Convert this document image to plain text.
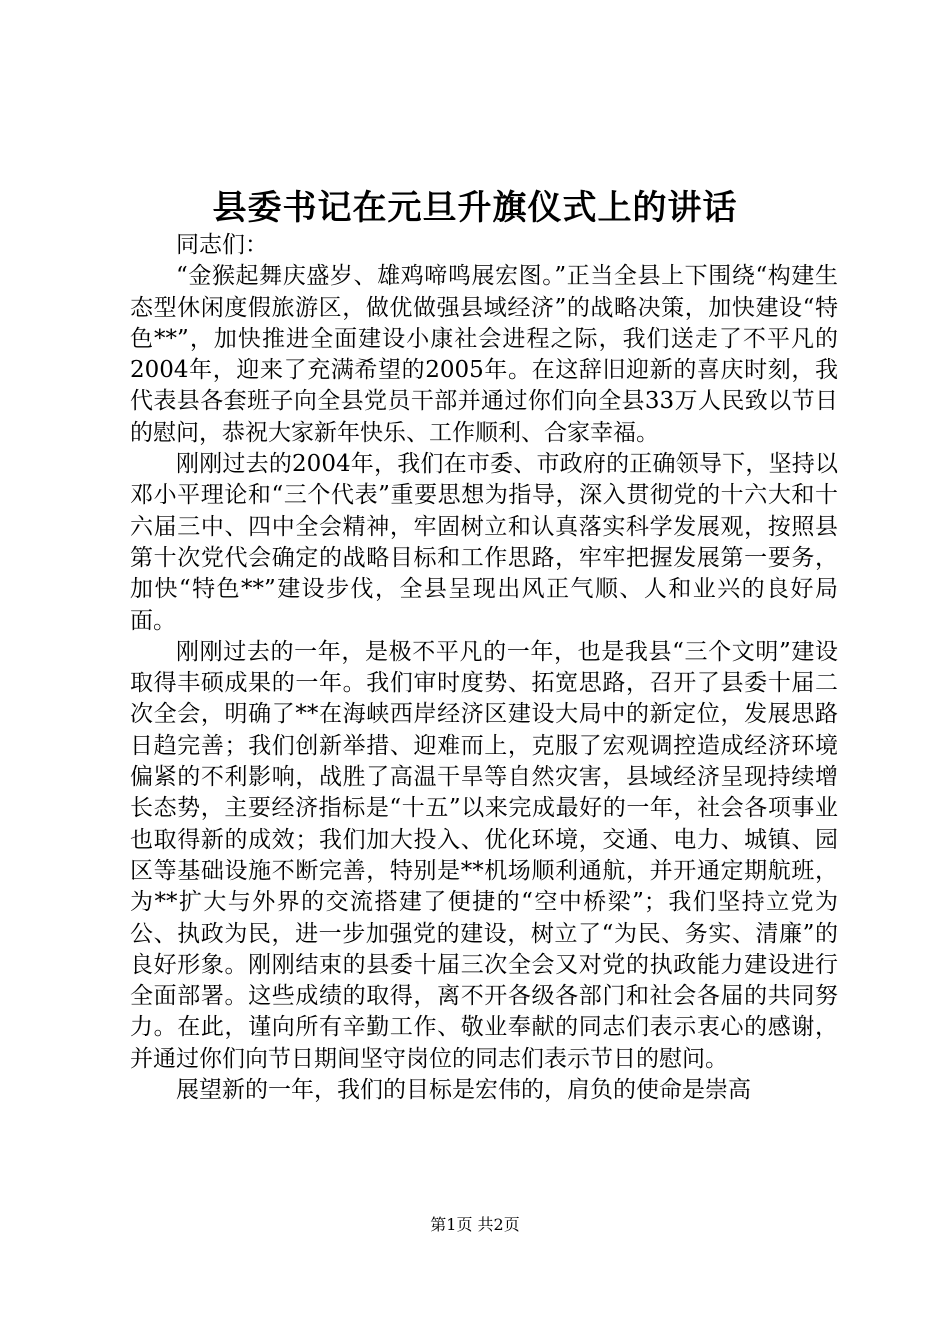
县委书记在元旦升旗仪式上的讲话

同志们：

“金猴起舞庆盛岁、雄鸡啼鸣展宏图。”正当全县上下围绕“构建生态型休闲度假旅游区，做优做强县域经济”的战略决策，加快建设“特色**”，加快推进全面建设小康社会进程之际，我们送走了不平凡的2004年，迎来了充满希望的2005年。在这辞旧迎新的喜庆时刻，我代表县各套班子向全县党员干部并通过你们向全县33万人民致以节日的慰问，恭祝大家新年快乐、工作顺利、合家幸福。

刚刚过去的2004年，我们在市委、市政府的正确领导下，坚持以邓小平理论和“三个代表”重要思想为指导，深入贯彻党的十六大和十六届三中、四中全会精神，牢固树立和认真落实科学发展观，按照县第十次党代会确定的战略目标和工作思路，牢牢把握发展第一要务，加快“特色**”建设步伐，全县呈现出风正气顺、人和业兴的良好局面。

刚刚过去的一年，是极不平凡的一年，也是我县“三个文明”建设取得丰硕成果的一年。我们审时度势、拓宽思路，召开了县委十届二次全会，明确了**在海峡西岸经济区建设大局中的新定位，发展思路日趋完善；我们创新举措、迎难而上，克服了宏观调控造成经济环境偏紧的不利影响，战胜了高温干旱等自然灾害，县域经济呈现持续增长态势，主要经济指标是“十五”以来完成最好的一年，社会各项事业也取得新的成效；我们加大投入、优化环境，交通、电力、城镇、园区等基础设施不断完善，特别是**机场顺利通航，并开通定期航班，为**扩大与外界的交流搭建了便捷的“空中桥梁”；我们坚持立党为公、执政为民，进一步加强党的建设，树立了“为民、务实、清廉”的良好形象。刚刚结束的县委十届三次全会又对党的执政能力建设进行全面部署。这些成绩的取得，离不开各级各部门和社会各届的共同努力。在此，谨向所有辛勤工作、敬业奉献的同志们表示衷心的感谢，并通过你们向节日期间坚守岗位的同志们表示节日的慰问。

展望新的一年，我们的目标是宏伟的，肩负的使命是崇高

第1页 共2页
